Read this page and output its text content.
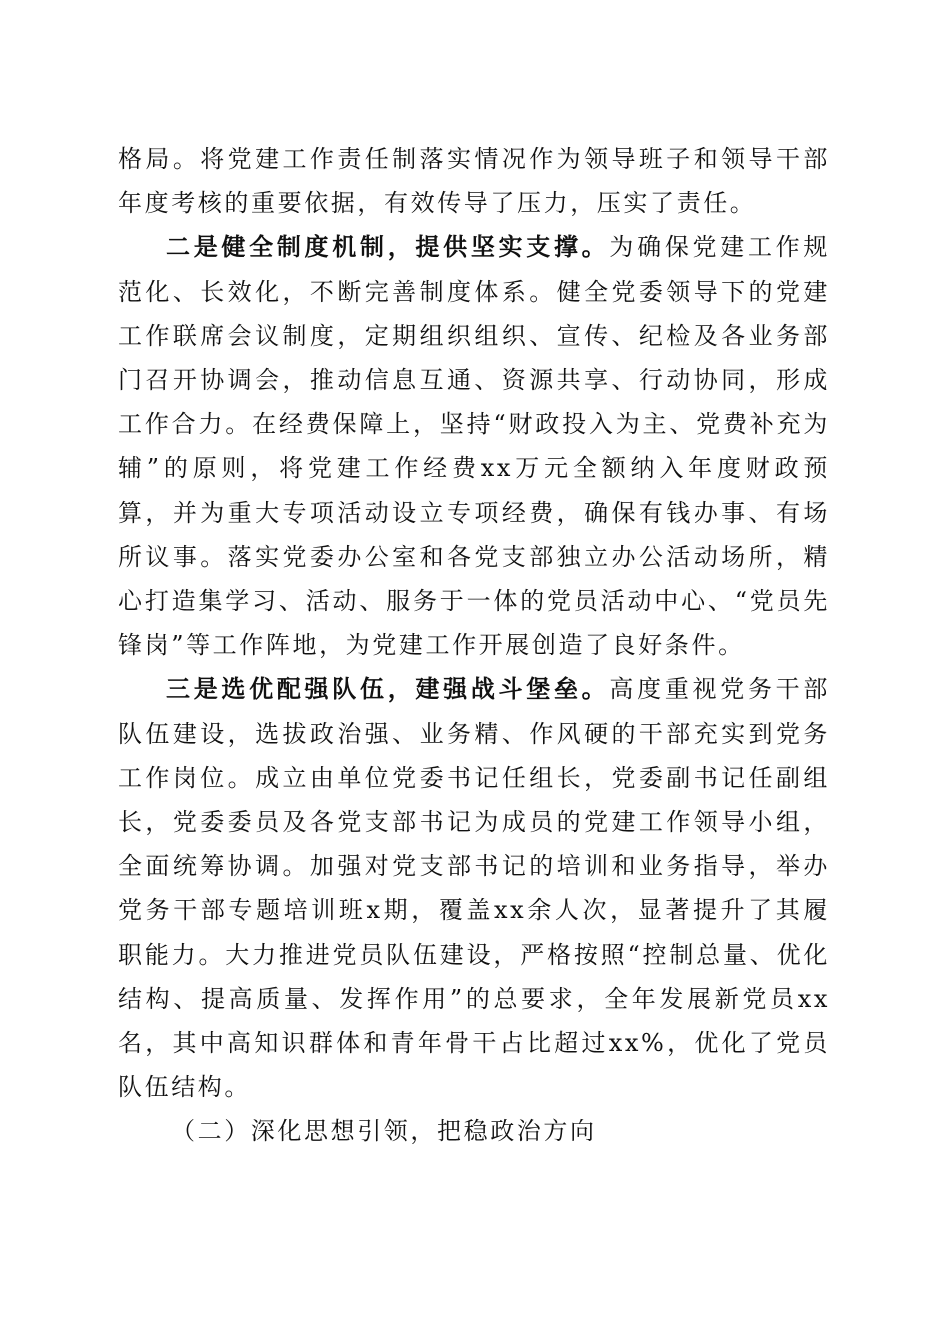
格局。将党建工作责任制落实情况作为领导班子和领导干部年度考核的重要依据，有效传导了压力，压实了责任。

二是健全制度机制，提供坚实支撑。为确保党建工作规范化、长效化，不断完善制度体系。健全党委领导下的党建工作联席会议制度，定期组织组织、宣传、纪检及各业务部门召开协调会，推动信息互通、资源共享、行动协同，形成工作合力。在经费保障上，坚持“财政投入为主、党费补充为辅”的原则，将党建工作经费xx万元全额纳入年度财政预算，并为重大专项活动设立专项经费，确保有钱办事、有场所议事。落实党委办公室和各党支部独立办公活动场所，精心打造集学习、活动、服务于一体的党员活动中心、“党员先锋岗”等工作阵地，为党建工作开展创造了良好条件。

三是选优配强队伍，建强战斗堡垒。高度重视党务干部队伍建设，选拔政治强、业务精、作风硬的干部充实到党务工作岗位。成立由单位党委书记任组长，党委副书记任副组长，党委委员及各党支部书记为成员的党建工作领导小组，全面统筹协调。加强对党支部书记的培训和业务指导，举办党务干部专题培训班x期，覆盖xx余人次，显著提升了其履职能力。大力推进党员队伍建设，严格按照“控制总量、优化结构、提高质量、发挥作用”的总要求，全年发展新党员xx名，其中高知识群体和青年骨干占比超过xx%，优化了党员队伍结构。

（二）深化思想引领，把稳政治方向
